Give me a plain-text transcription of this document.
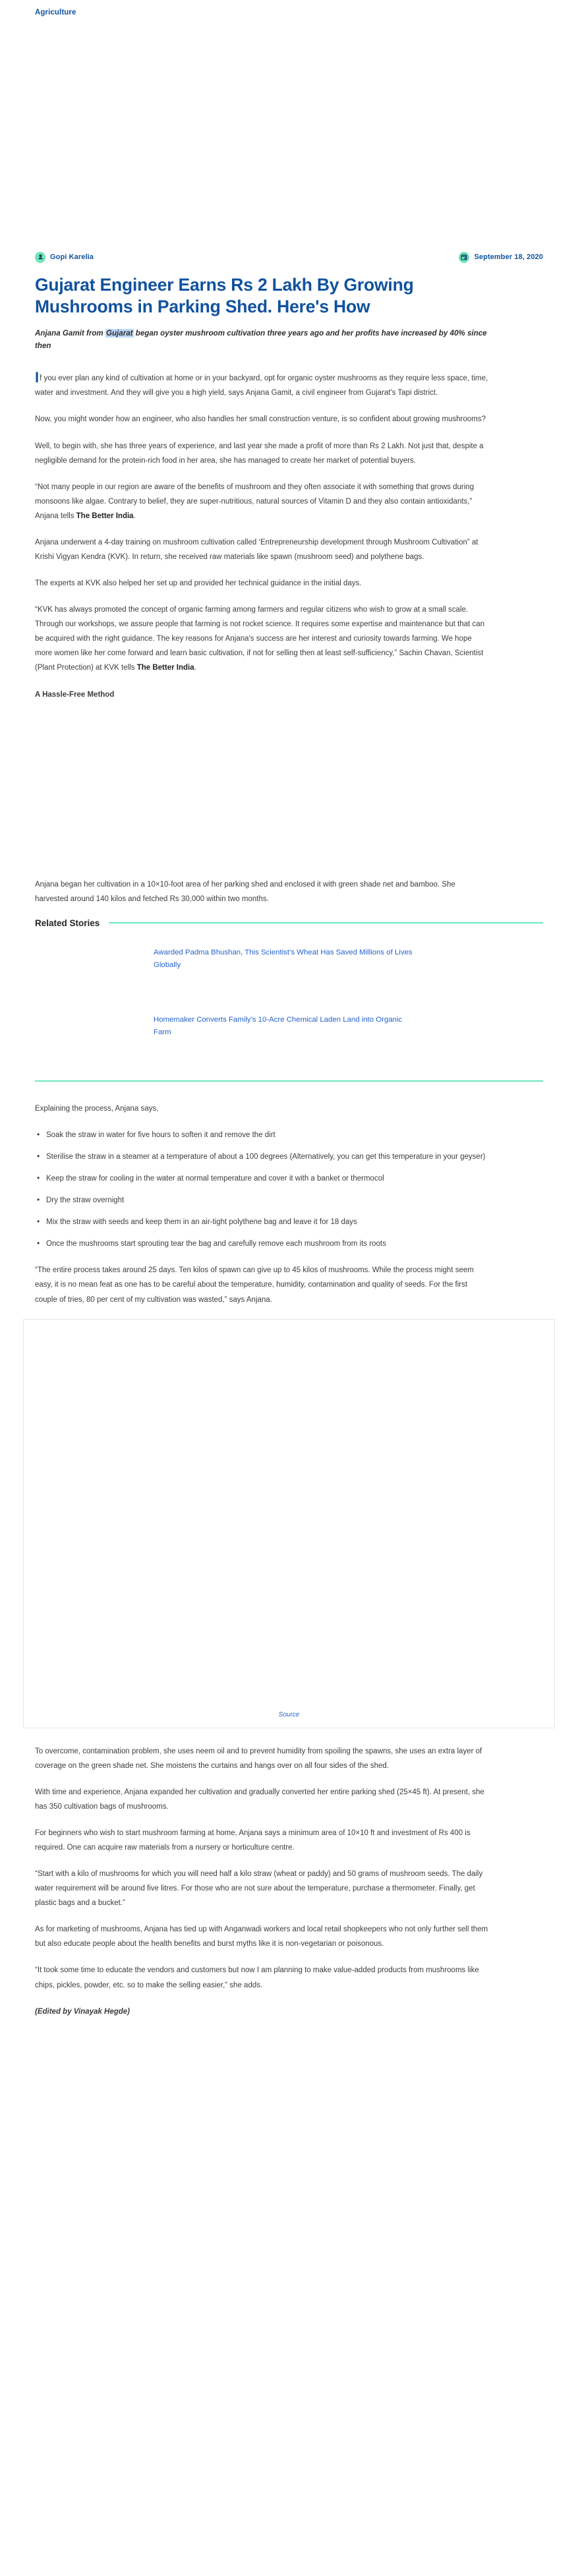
Agriculture
Gopi Karelia	September 18, 2020
Gujarat Engineer Earns Rs 2 Lakh By Growing Mushrooms in Parking Shed. Here's How
Anjana Gamit from Gujarat began oyster mushroom cultivation three years ago and her profits have increased by 40% since then

If you ever plan any kind of cultivation at home or in your backyard, opt for organic oyster mushrooms as they require less space, time, water and investment. And they will give you a high yield, says Anjana Gamit, a civil engineer from Gujarat's Tapi district.

Now, you might wonder how an engineer, who also handles her small construction venture, is so confident about growing mushrooms?

Well, to begin with, she has three years of experience, and last year she made a profit of more than Rs 2 Lakh. Not just that, despite a negligible demand for the protein-rich food in her area, she has managed to create her market of potential buyers.

“Not many people in our region are aware of the benefits of mushroom and they often associate it with something that grows during monsoons like algae. Contrary to belief, they are super-nutritious, natural sources of Vitamin D and they also contain antioxidants,” Anjana tells The Better India.

Anjana underwent a 4-day training on mushroom cultivation called ‘Entrepreneurship development through Mushroom Cultivation” at Krishi Vigyan Kendra (KVK). In return, she received raw materials like spawn (mushroom seed) and polythene bags.

The experts at KVK also helped her set up and provided her technical guidance in the initial days.

“KVK has always promoted the concept of organic farming among farmers and regular citizens who wish to grow at a small scale. Through our workshops, we assure people that farming is not rocket science. It requires some expertise and maintenance but that can be acquired with the right guidance. The key reasons for Anjana's success are her interest and curiosity towards farming. We hope more women like her come forward and learn basic cultivation, if not for selling then at least self-sufficiency,” Sachin Chavan, Scientist (Plant Protection) at KVK tells The Better India.

A Hassle-Free Method

Anjana began her cultivation in a 10×10-foot area of her parking shed and enclosed it with green shade net and bamboo. She harvested around 140 kilos and fetched Rs 30,000 within two months.

Related Stories
Awarded Padma Bhushan, This Scientist’s Wheat Has Saved Millions of Lives Globally
Homemaker Converts Family’s 10-Acre Chemical Laden Land into Organic Farm

Explaining the process, Anjana says,

• Soak the straw in water for five hours to soften it and remove the dirt
• Sterilise the straw in a steamer at a temperature of about a 100 degrees (Alternatively, you can get this temperature in your geyser)
• Keep the straw for cooling in the water at normal temperature and cover it with a banket or thermocol
• Dry the straw overnight
• Mix the straw with seeds and keep them in an air-tight polythene bag and leave it for 18 days
• Once the mushrooms start sprouting tear the bag and carefully remove each mushroom from its roots

“The entire process takes around 25 days. Ten kilos of spawn can give up to 45 kilos of mushrooms. While the process might seem easy, it is no mean feat as one has to be careful about the temperature, humidity, contamination and quality of seeds. For the first couple of tries, 80 per cent of my cultivation was wasted,” says Anjana.

Source

To overcome, contamination problem, she uses neem oil and to prevent humidity from spoiling the spawns, she uses an extra layer of coverage on the green shade net. She moistens the curtains and hangs over on all four sides of the shed.

With time and experience, Anjana expanded her cultivation and gradually converted her entire parking shed (25×45 ft). At present, she has 350 cultivation bags of mushrooms.

For beginners who wish to start mushroom farming at home, Anjana says a minimum area of 10×10 ft and investment of Rs 400 is required. One can acquire raw materials from a nursery or horticulture centre.

“Start with a kilo of mushrooms for which you will need half a kilo straw (wheat or paddy) and 50 grams of mushroom seeds. The daily water requirement will be around five litres. For those who are not sure about the temperature, purchase a thermometer. Finally, get plastic bags and a bucket.”

As for marketing of mushrooms, Anjana has tied up with Anganwadi workers and local retail shopkeepers who not only further sell them but also educate people about the health benefits and burst myths like it is non-vegetarian or poisonous.

“It took some time to educate the vendors and customers but now I am planning to make value-added products from mushrooms like chips, pickles, powder, etc. so to make the selling easier,” she adds.

(Edited by Vinayak Hegde)
